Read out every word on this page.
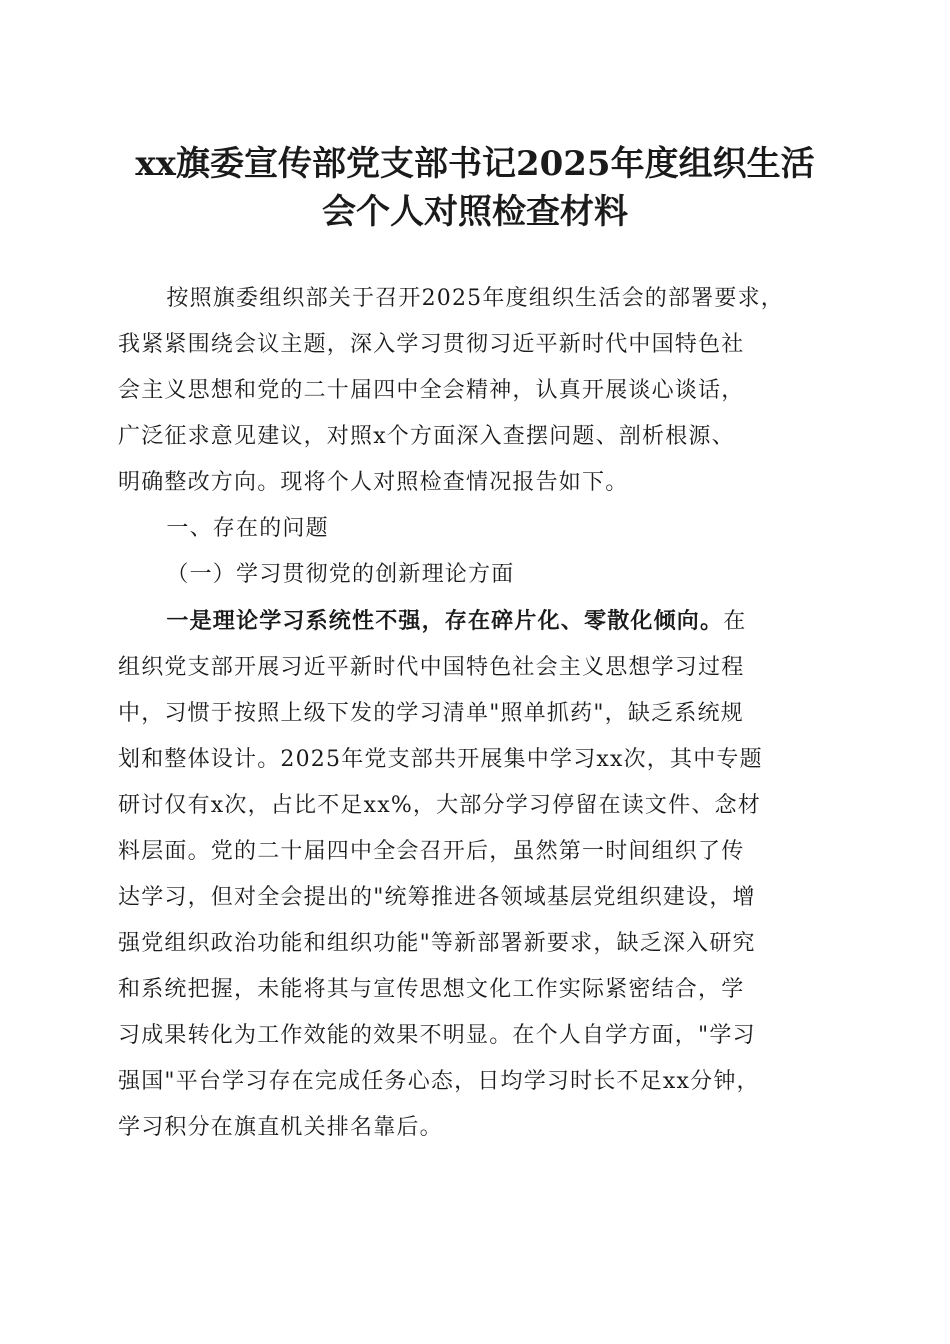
xx旗委宣传部党支部书记2025年度组织生活
会个人对照检查材料

按照旗委组织部关于召开2025年度组织生活会的部署要求，
我紧紧围绕会议主题，深入学习贯彻习近平新时代中国特色社
会主义思想和党的二十届四中全会精神，认真开展谈心谈话，
广泛征求意见建议，对照x个方面深入查摆问题、剖析根源、
明确整改方向。现将个人对照检查情况报告如下。

一、存在的问题

（一）学习贯彻党的创新理论方面

一是理论学习系统性不强，存在碎片化、零散化倾向。在
组织党支部开展习近平新时代中国特色社会主义思想学习过程
中，习惯于按照上级下发的学习清单"照单抓药"，缺乏系统规
划和整体设计。2025年党支部共开展集中学习xx次，其中专题
研讨仅有x次，占比不足xx%，大部分学习停留在读文件、念材
料层面。党的二十届四中全会召开后，虽然第一时间组织了传
达学习，但对全会提出的"统筹推进各领域基层党组织建设，增
强党组织政治功能和组织功能"等新部署新要求，缺乏深入研究
和系统把握，未能将其与宣传思想文化工作实际紧密结合，学
习成果转化为工作效能的效果不明显。在个人自学方面，"学习
强国"平台学习存在完成任务心态，日均学习时长不足xx分钟，
学习积分在旗直机关排名靠后。
